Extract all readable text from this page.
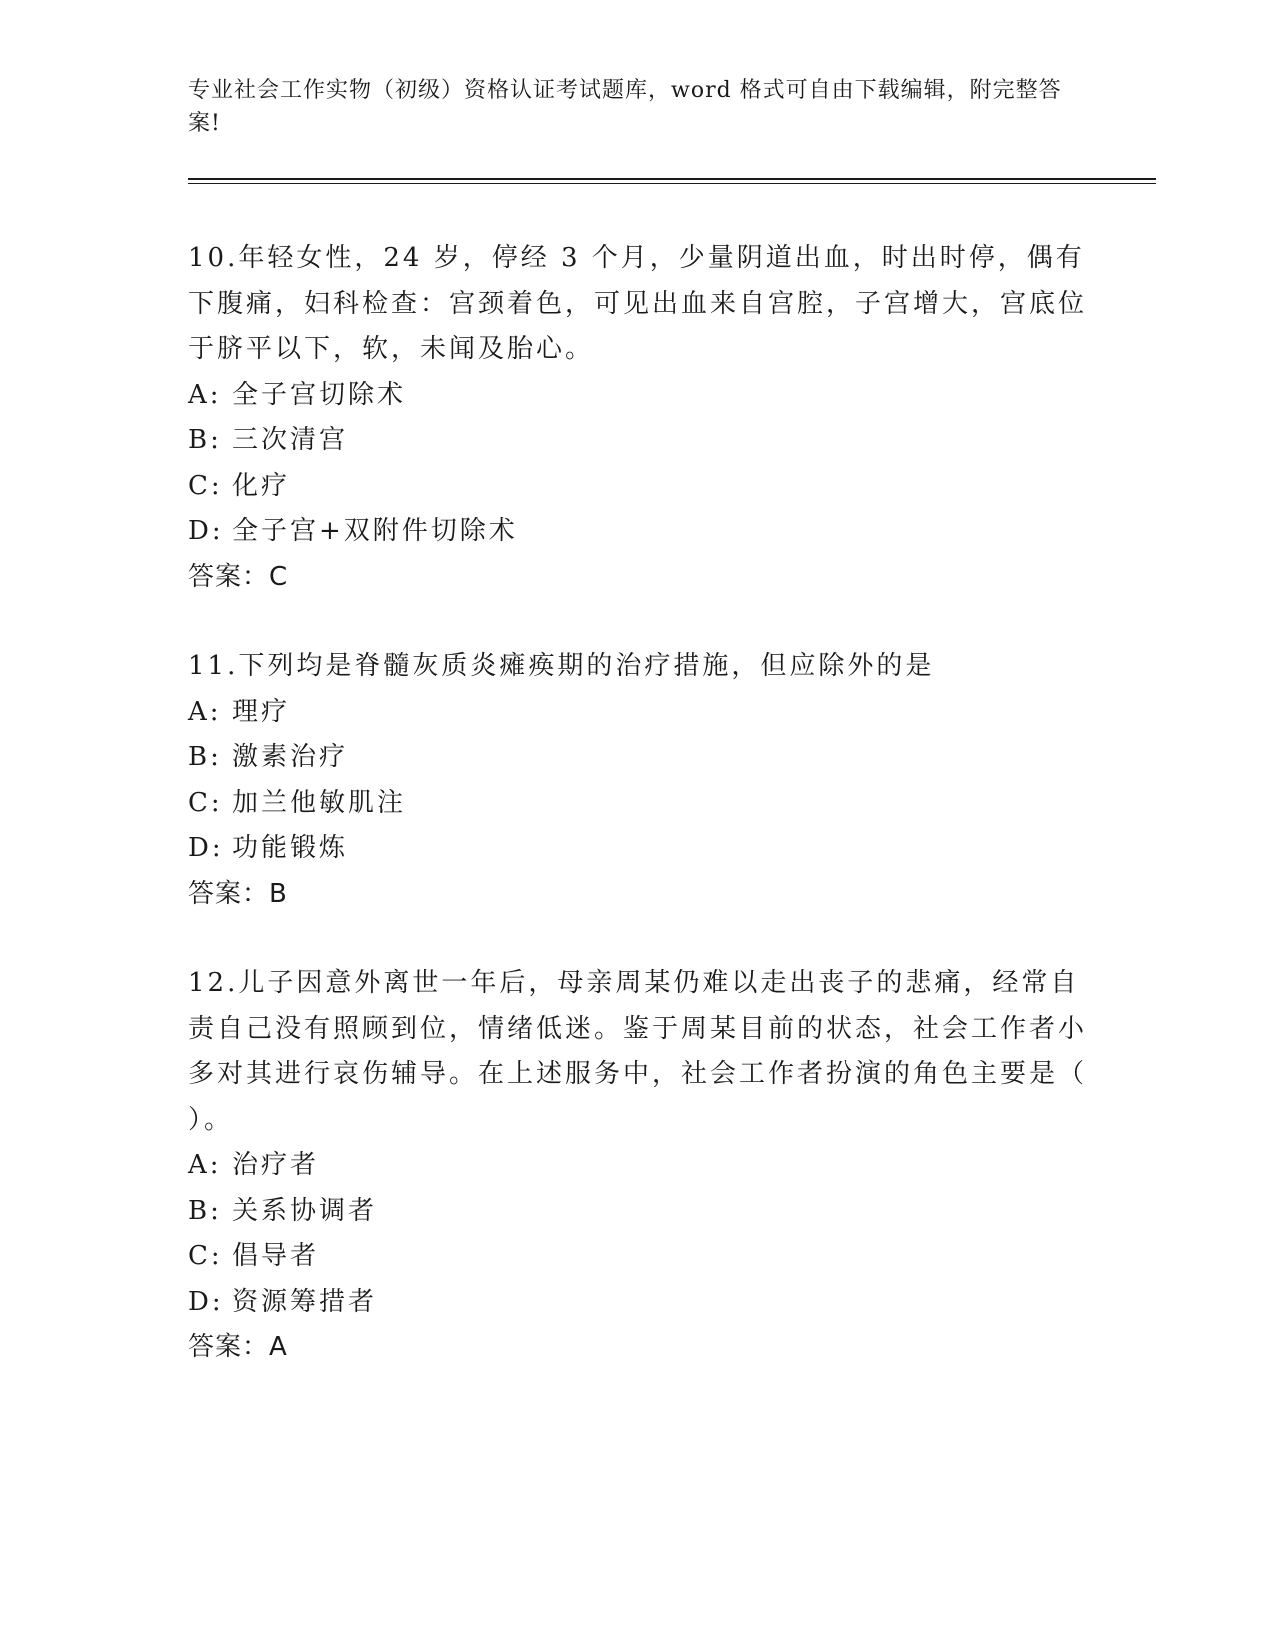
专业社会工作实物（初级）资格认证考试题库，word 格式可自由下载编辑，附完整答案!

10.年轻女性，24 岁，停经 3 个月，少量阴道出血，时出时停，偶有下腹痛，妇科检查：宫颈着色，可见出血来自宫腔，子宫增大，宫底位于脐平以下，软，未闻及胎心。

A: 全子宫切除术

B: 三次清宫

C: 化疗

D: 全子宫+双附件切除术

答案：C

11.下列均是脊髓灰质炎瘫痪期的治疗措施，但应除外的是

A: 理疗

B: 激素治疗

C: 加兰他敏肌注

D: 功能锻炼

答案：B

12.儿子因意外离世一年后，母亲周某仍难以走出丧子的悲痛，经常自责自己没有照顾到位，情绪低迷。鉴于周某目前的状态，社会工作者小多对其进行哀伤辅导。在上述服务中，社会工作者扮演的角色主要是（ ）。

A: 治疗者

B: 关系协调者

C: 倡导者

D: 资源筹措者

答案：A
